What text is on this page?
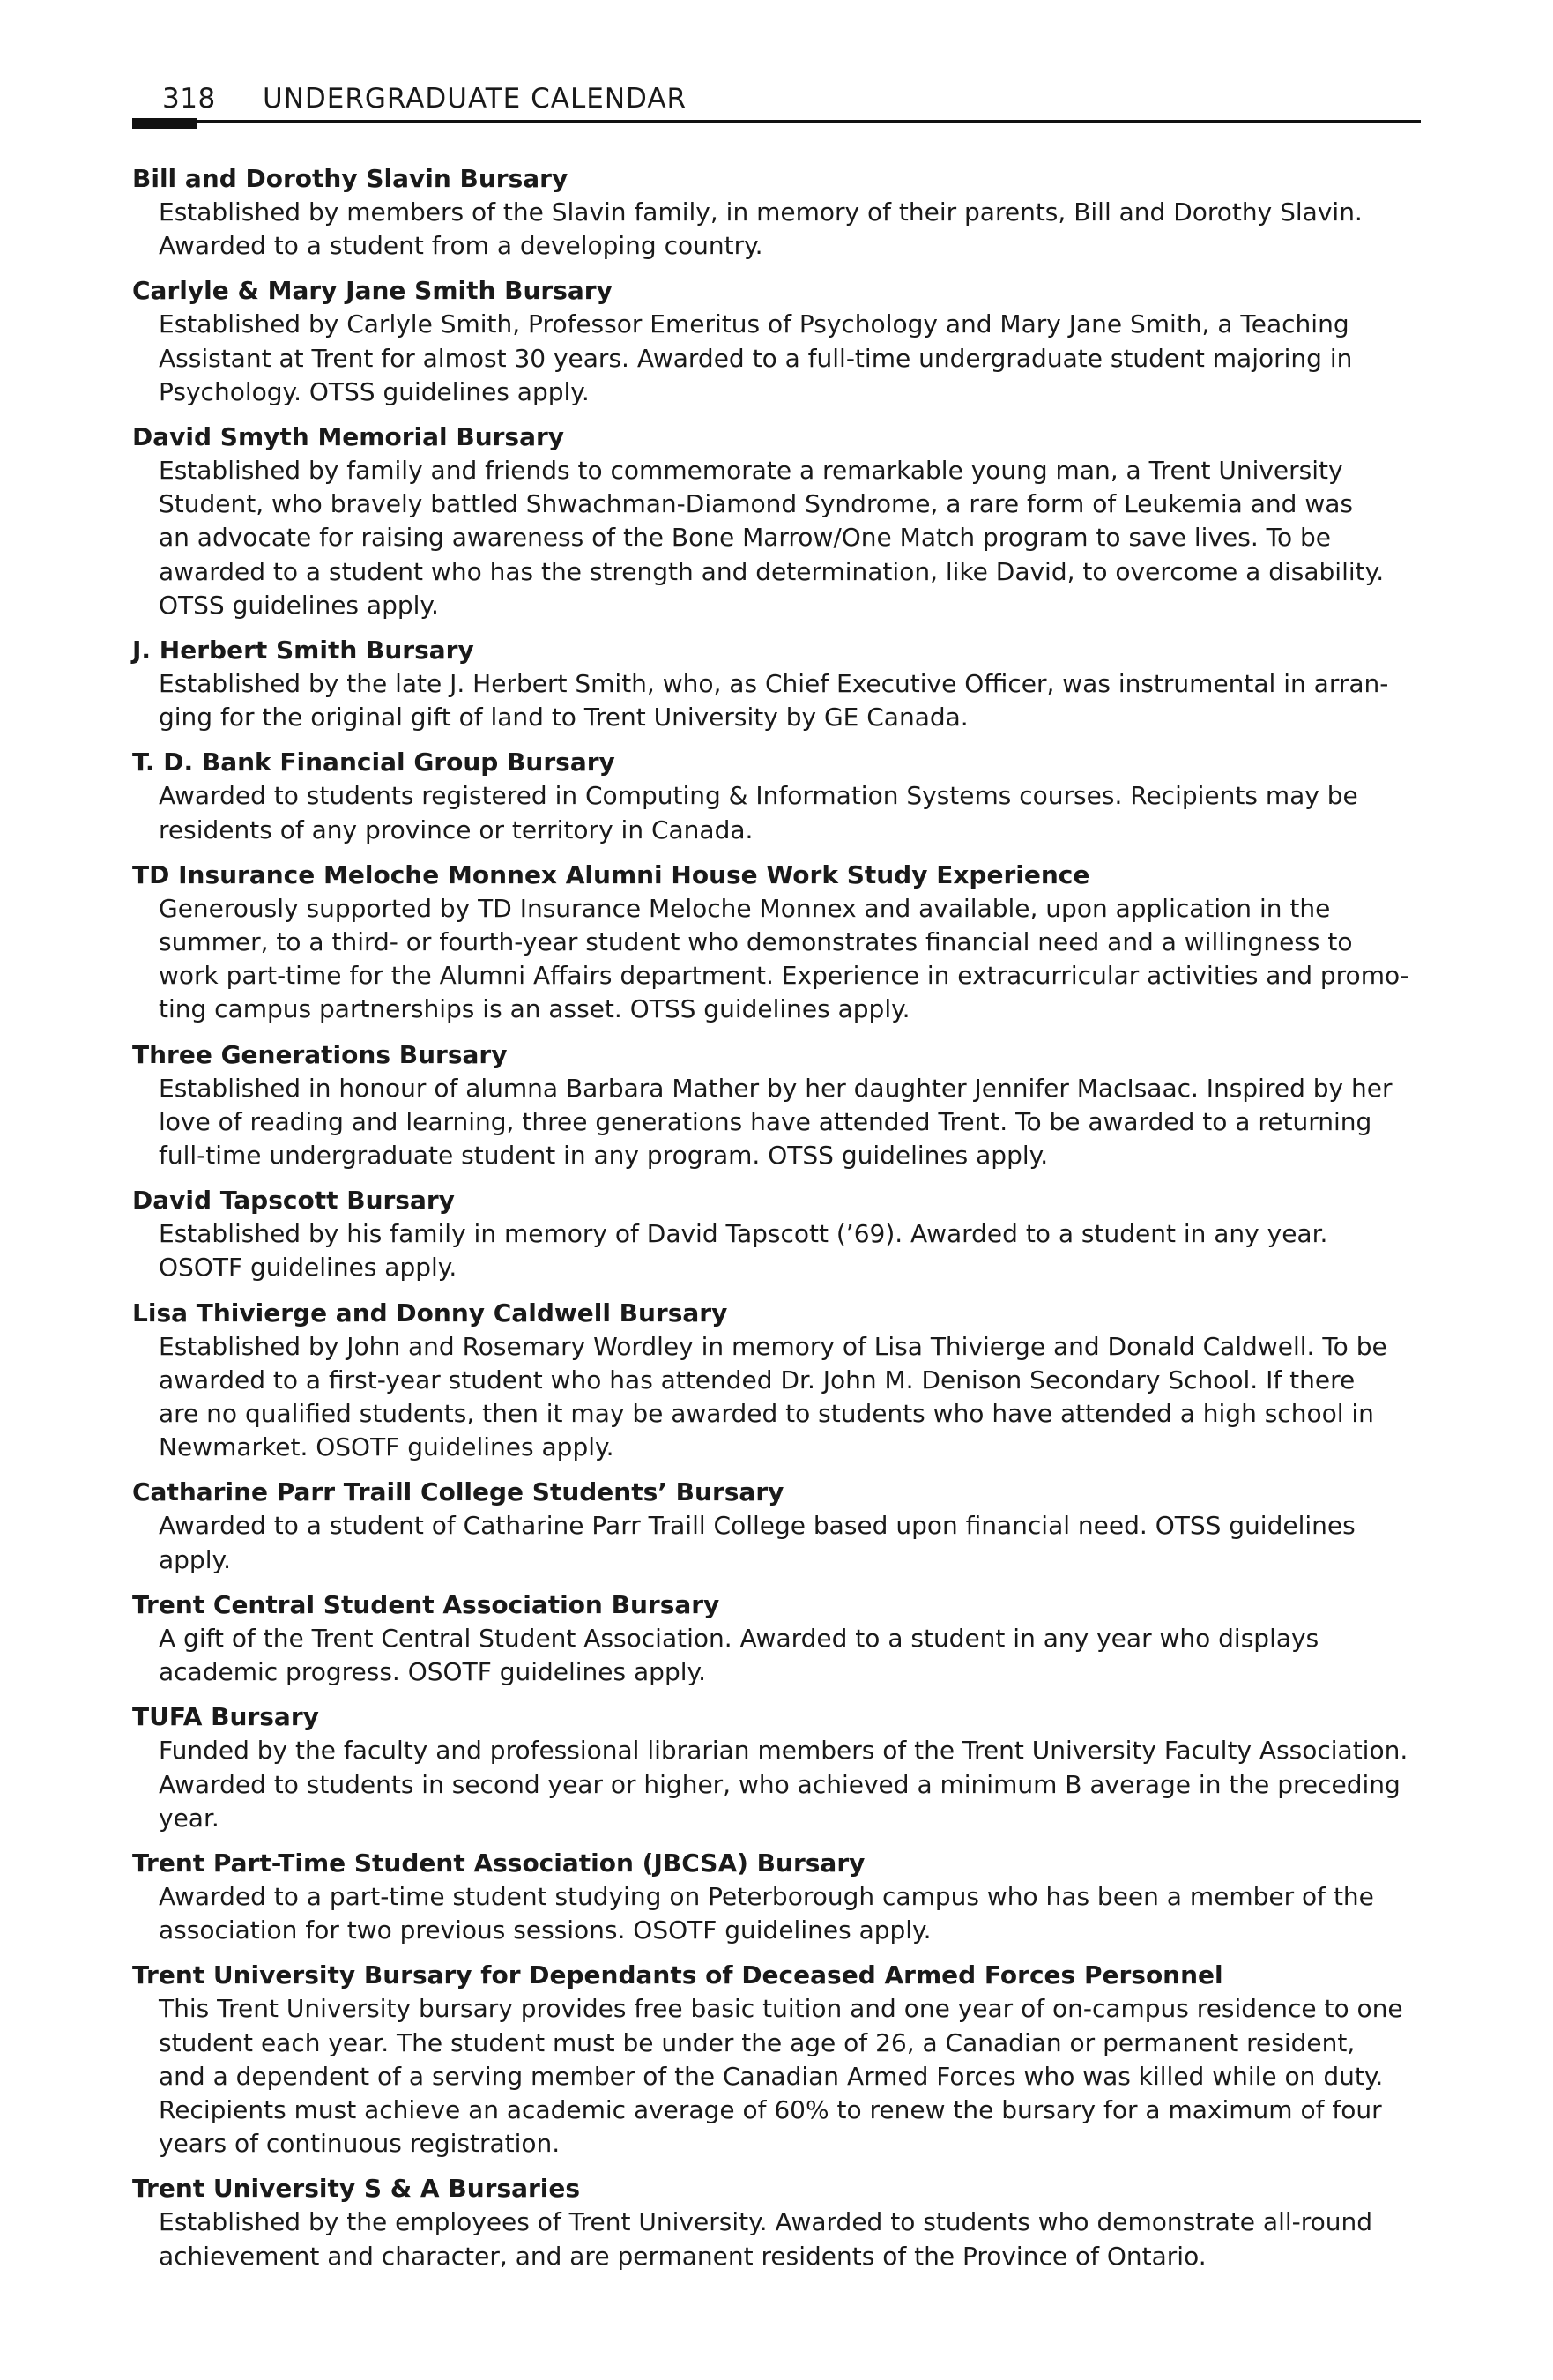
318 UNDERGRADUATE CALENDAR
Bill and Dorothy Slavin Bursary
Established by members of the Slavin family, in memory of their parents, Bill and Dorothy Slavin.
Awarded to a student from a developing country.
Carlyle & Mary Jane Smith Bursary
Established by Carlyle Smith, Professor Emeritus of Psychology and Mary Jane Smith, a Teaching
Assistant at Trent for almost 30 years. Awarded to a full-time undergraduate student majoring in
Psychology. OTSS guidelines apply.
David Smyth Memorial Bursary
Established by family and friends to commemorate a remarkable young man, a Trent University
Student, who bravely battled Shwachman-Diamond Syndrome, a rare form of Leukemia and was
an advocate for raising awareness of the Bone Marrow/One Match program to save lives. To be
awarded to a student who has the strength and determination, like David, to overcome a disability.
OTSS guidelines apply.
J. Herbert Smith Bursary
Established by the late J. Herbert Smith, who, as Chief Executive Officer, was instrumental in arran-
ging for the original gift of land to Trent University by GE Canada.
T. D. Bank Financial Group Bursary
Awarded to students registered in Computing & Information Systems courses. Recipients may be
residents of any province or territory in Canada.
TD Insurance Meloche Monnex Alumni House Work Study Experience
Generously supported by TD Insurance Meloche Monnex and available, upon application in the
summer, to a third- or fourth-year student who demonstrates financial need and a willingness to
work part-time for the Alumni Affairs department. Experience in extracurricular activities and promo-
ting campus partnerships is an asset. OTSS guidelines apply.
Three Generations Bursary
Established in honour of alumna Barbara Mather by her daughter Jennifer MacIsaac. Inspired by her
love of reading and learning, three generations have attended Trent. To be awarded to a returning
full-time undergraduate student in any program. OTSS guidelines apply.
David Tapscott Bursary
Established by his family in memory of David Tapscott (’69). Awarded to a student in any year.
OSOTF guidelines apply.
Lisa Thivierge and Donny Caldwell Bursary
Established by John and Rosemary Wordley in memory of Lisa Thivierge and Donald Caldwell. To be
awarded to a first-year student who has attended Dr. John M. Denison Secondary School. If there
are no qualified students, then it may be awarded to students who have attended a high school in
Newmarket. OSOTF guidelines apply.
Catharine Parr Traill College Students’ Bursary
Awarded to a student of Catharine Parr Traill College based upon financial need. OTSS guidelines
apply.
Trent Central Student Association Bursary
A gift of the Trent Central Student Association. Awarded to a student in any year who displays
academic progress. OSOTF guidelines apply.
TUFA Bursary
Funded by the faculty and professional librarian members of the Trent University Faculty Association.
Awarded to students in second year or higher, who achieved a minimum B average in the preceding
year.
Trent Part-Time Student Association (JBCSA) Bursary
Awarded to a part-time student studying on Peterborough campus who has been a member of the
association for two previous sessions. OSOTF guidelines apply.
Trent University Bursary for Dependants of Deceased Armed Forces Personnel
This Trent University bursary provides free basic tuition and one year of on-campus residence to one
student each year. The student must be under the age of 26, a Canadian or permanent resident,
and a dependent of a serving member of the Canadian Armed Forces who was killed while on duty.
Recipients must achieve an academic average of 60% to renew the bursary for a maximum of four
years of continuous registration.
Trent University S & A Bursaries
Established by the employees of Trent University. Awarded to students who demonstrate all-round
achievement and character, and are permanent residents of the Province of Ontario.
